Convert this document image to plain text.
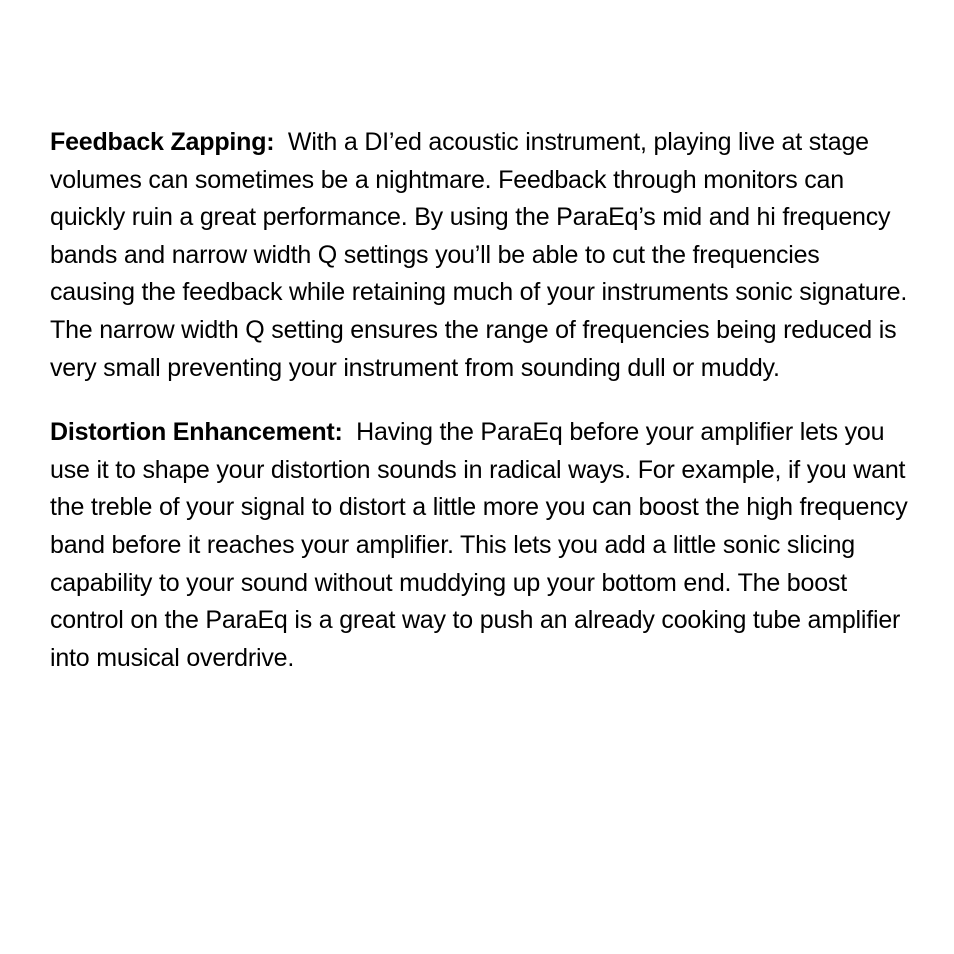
Feedback Zapping: With a DI’ed acoustic instrument, playing live at stage volumes can sometimes be a nightmare. Feedback through monitors can quickly ruin a great performance. By using the ParaEq’s mid and hi frequency bands and narrow width Q settings you’ll be able to cut the frequencies causing the feedback while retaining much of your instruments sonic signature. The narrow width Q setting ensures the range of frequencies being reduced is very small preventing your instrument from sounding dull or muddy.

Distortion Enhancement: Having the ParaEq before your amplifier lets you use it to shape your distortion sounds in radical ways. For example, if you want the treble of your signal to distort a little more you can boost the high frequency band before it reaches your amplifier. This lets you add a little sonic slicing capability to your sound without muddying up your bottom end. The boost control on the ParaEq is a great way to push an already cooking tube amplifier into musical overdrive.
